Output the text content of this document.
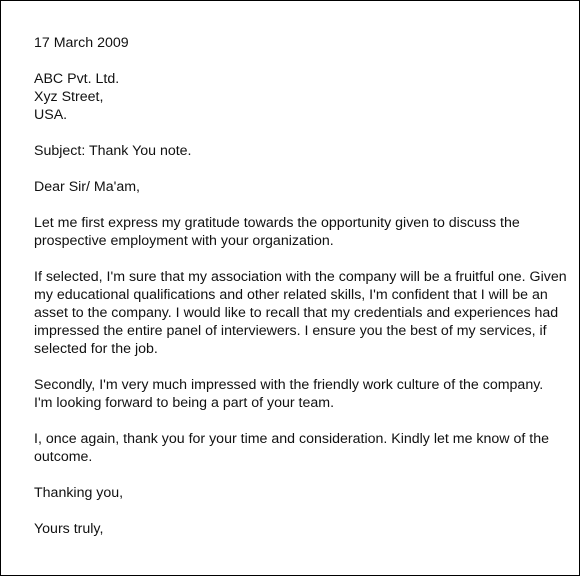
17 March 2009
ABC Pvt. Ltd.
Xyz Street,
USA.
Subject: Thank You note.
Dear Sir/ Ma'am,
Let me first express my gratitude towards the opportunity given to discuss the
prospective employment with your organization.
If selected, I'm sure that my association with the company will be a fruitful one. Given
my educational qualifications and other related skills, I'm confident that I will be an
asset to the company. I would like to recall that my credentials and experiences had
impressed the entire panel of interviewers. I ensure you the best of my services, if
selected for the job.
Secondly, I'm very much impressed with the friendly work culture of the company.
I'm looking forward to being a part of your team.
I, once again, thank you for your time and consideration. Kindly let me know of the
outcome.
Thanking you,
Yours truly,
